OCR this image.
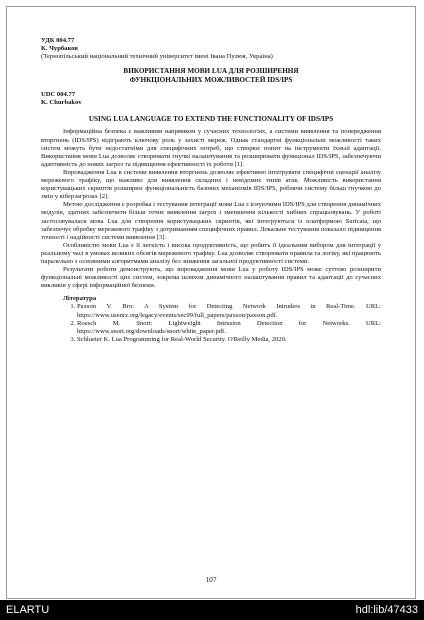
УДК 004.77
К. Чурбаков
(Тернопільський національний технічний університет імені Івана Пулюя, Україна)
ВИКОРИСТАННЯ МОВИ LUA ДЛЯ РОЗШИРЕННЯ
ФУНКЦІОНАЛЬНИХ МОЖЛИВОСТЕЙ IDS/IPS
UDC 004.77
K. Churbakov
USING LUA LANGUAGE TO EXTEND THE FUNCTIONALITY OF IDS/IPS

Інформаційна безпека є важливим напрямком у сучасних технологіях, а системи виявлення та попередження вторгнень (IDS/IPS) відіграють ключову роль у захисті мереж. Однак стандартні функціональні можливості таких систем можуть бути недостатніми для специфічних потреб, що створює попит на інструменти їхньої адаптації. Використання мови Lua дозволяє створювати гнучкі налаштування та розширювати функціонал IDS/IPS, забезпечуючи адаптивність до нових загроз та підвищення ефективності їх роботи [1].

Впровадження Lua в системи виявлення вторгнень дозволяє ефективно інтегрувати специфічні сценарії аналізу мережевого трафіку, що важливо для виявлення складних і невідомих типів атак. Можливість використання користувацьких скриптів розширює функціональність базових механізмів IDS/IPS, роблячи систему більш гнучкою до змін у кіберзагрозах [2].

Метою дослідження є розробка і тестування інтеграції мови Lua з існуючими IDS/IPS для створення динамічних модулів, здатних забезпечити більш точне виявлення загроз і зменшення кількості хибних спрацьовувань. У роботі застосовувалася мова Lua для створення користувацьких скриптів, які інтегруються із платформою Suricata, що забезпечує обробку мережевого трафіку з дотриманням специфічних правил. Локальне тестування показало підвищення точності і надійності системи виявлення [3].

Особливістю мови Lua є її легкість і висока продуктивність, що робить її ідеальним вибором для інтеграції у реальному часі в умовах великих обсягів мережевого трафіку. Lua дозволяє створювати правила та логіку, які працюють паралельно з основними алгоритмами аналізу без зниження загальної продуктивності системи.

Результати роботи демонструють, що впровадження мови Lua у роботу IDS/IPS може суттєво розширити функціональні можливості цих систем, зокрема шляхом динамічного налаштування правил та адаптації до сучасних викликів у сфері інформаційної безпеки.

Література
1. Paxson V. Bro: A System for Detecting Network Intruders in Real-Time. URL: https://www.usenix.org/legacy/events/sec99/full_papers/paxson/paxson.pdf.
2. Roesch M. Snort: Lightweight Intrusion Detection for Networks. URL: https://www.snort.org/downloads/snort/white_paper.pdf.
3. Schlueter K. Lua Programming for Real-World Security. O'Reilly Media, 2020.
107
ELARTU	hdl:lib/47433
